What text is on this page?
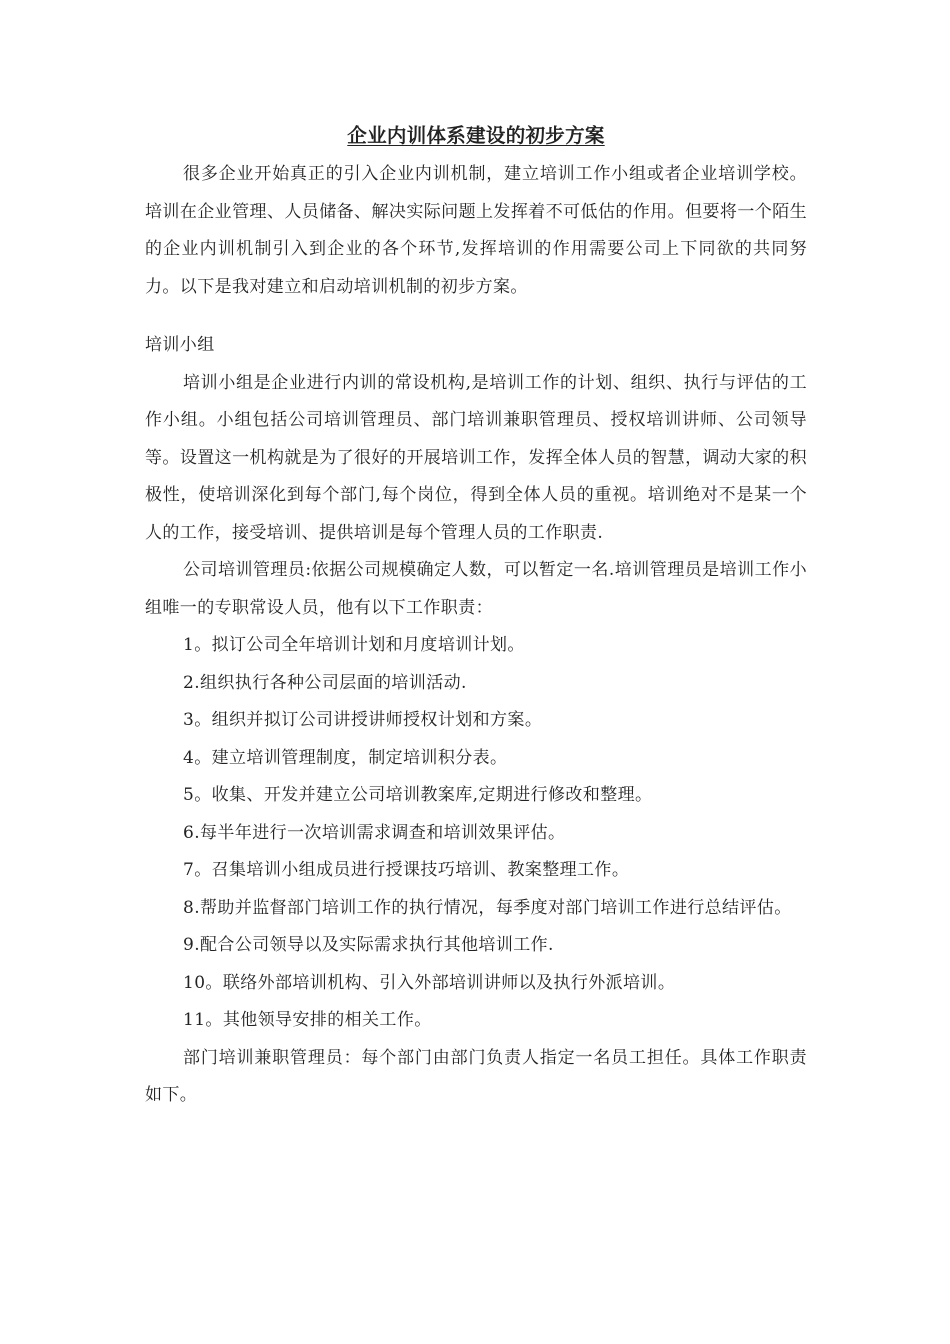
企业内训体系建设的初步方案

很多企业开始真正的引入企业内训机制，建立培训工作小组或者企业培训学校。培训在企业管理、人员储备、解决实际问题上发挥着不可低估的作用。但要将一个陌生的企业内训机制引入到企业的各个环节,发挥培训的作用需要公司上下同欲的共同努力。以下是我对建立和启动培训机制的初步方案。

培训小组

培训小组是企业进行内训的常设机构,是培训工作的计划、组织、执行与评估的工作小组。小组包括公司培训管理员、部门培训兼职管理员、授权培训讲师、公司领导等。设置这一机构就是为了很好的开展培训工作，发挥全体人员的智慧，调动大家的积极性，使培训深化到每个部门,每个岗位，得到全体人员的重视。培训绝对不是某一个人的工作，接受培训、提供培训是每个管理人员的工作职责.

公司培训管理员:依据公司规模确定人数，可以暂定一名.培训管理员是培训工作小组唯一的专职常设人员，他有以下工作职责：

1。拟订公司全年培训计划和月度培训计划。

2.组织执行各种公司层面的培训活动.

3。组织并拟订公司讲授讲师授权计划和方案。

4。建立培训管理制度，制定培训积分表。

5。收集、开发并建立公司培训教案库,定期进行修改和整理。

6.每半年进行一次培训需求调查和培训效果评估。

7。召集培训小组成员进行授课技巧培训、教案整理工作。

8.帮助并监督部门培训工作的执行情况，每季度对部门培训工作进行总结评估。

9.配合公司领导以及实际需求执行其他培训工作.

10。联络外部培训机构、引入外部培训讲师以及执行外派培训。

11。其他领导安排的相关工作。

部门培训兼职管理员：每个部门由部门负责人指定一名员工担任。具体工作职责如下。
